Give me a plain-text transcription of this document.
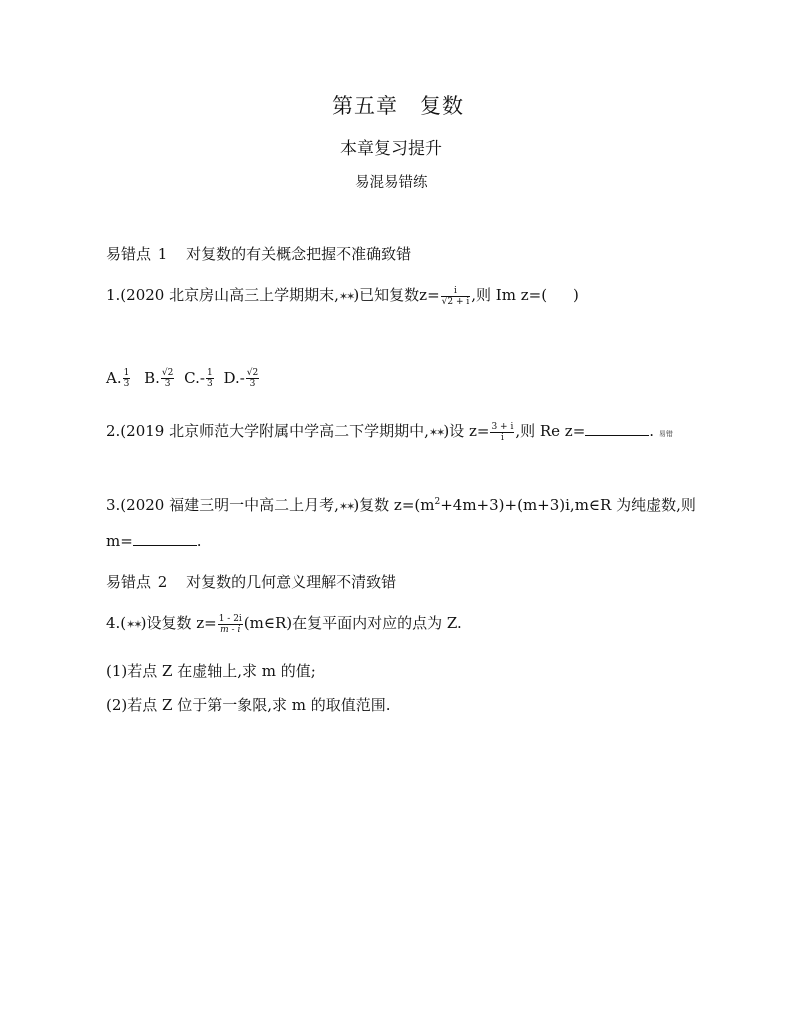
第五章　复数
本章复习提升
易混易错练
易错点 1 对复数的有关概念把握不准确致错
1.(2020 北京房山高三上学期期末,✶✶)已知复数$z= \frac{i}{√2 + i}$ ,则 Im z=( )
A. $\frac{1}{3} B$. $\frac{√2}{3} C.- \frac{1}{3} D.- \frac{√2}{3}$
2.(2019 北京师范大学附属中学高二下学期期中,✶✶)设 $z= \frac{3 + i}{i}$ ,则 Re z=	. 易错
3.(2020 福建三明一中高二上月考,✶✶)复数 $z=(m^2+4m+3)+(m+3)i,m\in R$ 为纯虚数,则
m=	.
易错点 2 对复数的几何意义理解不清致错
4.(✶✶)设复数 $z= \frac{1 - 2i}{m - i}$ (m∈R)在复平面内对应的点为 Z.
(1)若点 Z 在虚轴上,求 m 的值;
(2)若点 Z 位于第一象限,求 m 的取值范围.
